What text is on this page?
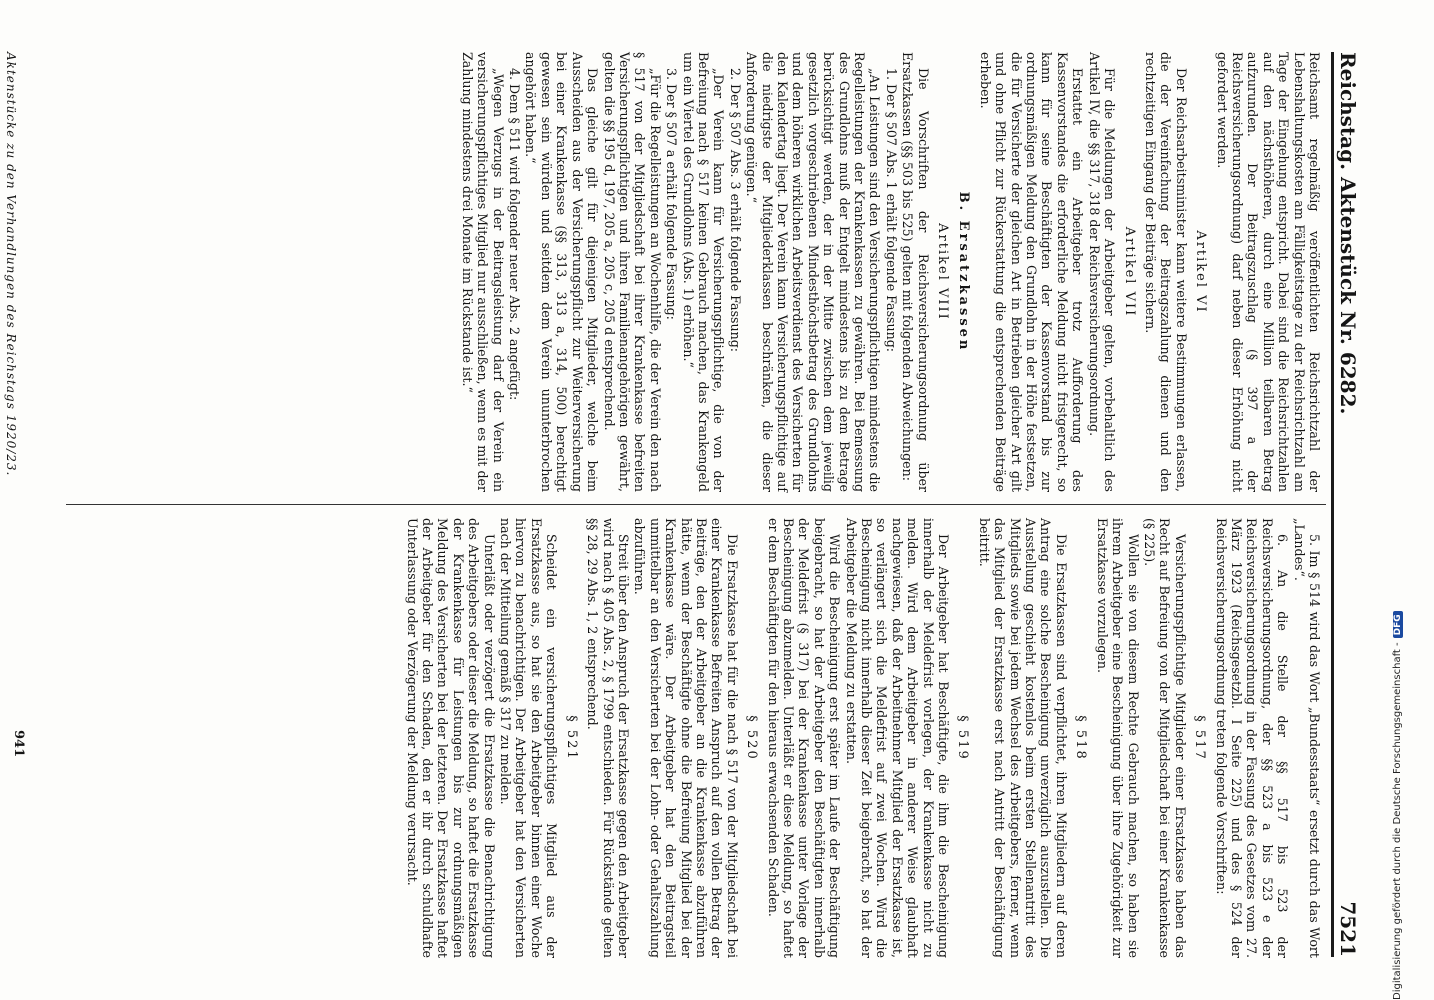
Reichstag. Aktenstück Nr. 6282.
7521

Reichsamt regelmäßig veröffentlichten Reichsrichtzahl der Lebenshaltungskosten am Fälligkeitstage zu der Reichsrichtzahl am Tage der Eingehung entspricht. Dabei sind die Reichsrichtzahlen auf den nächsthöheren, durch eine Million teilbaren Betrag aufzurunden. Der Beitragszuschlag (§ 397 a der Reichsversicherungsordnung) darf neben dieser Erhöhung nicht gefordert werden.

Artikel VI

Der Reichsarbeitsminister kann weitere Bestimmungen erlassen, die der Vereinfachung der Beitragszahlung dienen und den rechtzeitigen Eingang der Beiträge sichern.

Artikel VII

Für die Meldungen der Arbeitgeber gelten, vorbehaltlich des Artikel IV, die §§ 317, 318 der Reichsversicherungsordnung.

Erstattet ein Arbeitgeber trotz Aufforderung des Kassenvorstandes die erforderliche Meldung nicht fristgerecht, so kann für seine Beschäftigten der Kassenvorstand bis zur ordnungsmäßigen Meldung den Grundlohn in der Höhe festsetzen, die für Versicherte der gleichen Art in Betrieben gleicher Art gilt und ohne Pflicht zur Rückerstattung die entsprechenden Beiträge erheben.

B. Ersatzkassen

Artikel VIII

Die Vorschriften der Reichsversicherungsordnung über Ersatzkassen (§§ 503 bis 525) gelten mit folgenden Abweichungen:

1. Der § 507 Abs. 1 erhält folgende Fassung:

„An Leistungen sind den Versicherungspflichtigen mindestens die Regelleistungen der Krankenkassen zu gewähren. Bei Bemessung des Grundlohns muß der Entgelt mindestens bis zu dem Betrage berücksichtigt werden, der in der Mitte zwischen dem jeweilig gesetzlich vorgeschriebenen Mindesthöchstbetrag des Grundlohns und dem höheren wirklichen Arbeitsverdienst des Versicherten für den Kalendertag liegt. Der Verein kann Versicherungspflichtige auf die niedrigste der Mitgliederklassen beschränken, die dieser Anforderung genügen.“

2. Der § 507 Abs. 3 erhält folgende Fassung:

„Der Verein kann für Versicherungspflichtige, die von der Befreiung nach § 517 keinen Gebrauch machen, das Krankengeld um ein Viertel des Grundlohns (Abs. 1) erhöhen.“

3. Der § 507 a erhält folgende Fassung:

„Für die Regelleistungen an Wochenhilfe, die der Verein den nach § 517 von der Mitgliedschaft bei ihrer Krankenkasse befreiten Versicherungspflichtigen und ihren Familienangehörigen gewährt, gelten die §§ 195 d, 197, 205 a, 205 c, 205 d entsprechend.

Das gleiche gilt für diejenigen Mitglieder, welche beim Ausscheiden aus der Versicherungspflicht zur Weiterversicherung bei einer Krankenkasse (§§ 313, 313 a, 314, 500) berechtigt gewesen sein würden und seitdem dem Verein ununterbrochen angehört haben.“

4. Dem § 511 wird folgender neuer Abs. 2 angefügt:

„Wegen Verzugs in der Beitragsleistung darf der Verein ein versicherungspflichtiges Mitglied nur ausschließen, wenn es mit der Zahlung mindestens drei Monate im Rückstande ist.“

5. Im § 514 wird das Wort „Bundesstaats“ ersetzt durch das Wort „Landes“.

6. An die Stelle der §§ 517 bis 523 der Reichsversicherungsordnung, der §§ 523 a bis 523 e der Reichsversicherungsordnung in der Fassung des Gesetzes vom 27. März 1923 (Reichsgesetzbl. I Seite 225) und des § 524 der Reichsversicherungsordnung treten folgende Vorschriften:

§ 517

Versicherungspflichtige Mitglieder einer Ersatzkasse haben das Recht auf Befreiung von der Mitgliedschaft bei einer Krankenkasse (§ 225).

Wollen sie von diesem Rechte Gebrauch machen, so haben sie ihrem Arbeitgeber eine Bescheinigung über ihre Zugehörigkeit zur Ersatzkasse vorzulegen.

§ 518

Die Ersatzkassen sind verpflichtet, ihren Mitgliedern auf deren Antrag eine solche Bescheinigung unverzüglich auszustellen. Die Ausstellung geschieht kostenlos beim ersten Stellenantritt des Mitglieds sowie bei jedem Wechsel des Arbeitgebers, ferner, wenn das Mitglied der Ersatzkasse erst nach Antritt der Beschäftigung beitritt.

§ 519

Der Arbeitgeber hat Beschäftigte, die ihm die Bescheinigung innerhalb der Meldefrist vorlegen, der Krankenkasse nicht zu melden. Wird dem Arbeitgeber in anderer Weise glaubhaft nachgewiesen, daß der Arbeitnehmer Mitglied der Ersatzkasse ist, so verlängert sich die Meldefrist auf zwei Wochen. Wird die Bescheinigung nicht innerhalb dieser Zeit beigebracht, so hat der Arbeitgeber die Meldung zu erstatten.

Wird die Bescheinigung erst später im Laufe der Beschäftigung beigebracht, so hat der Arbeitgeber den Beschäftigten innerhalb der Meldefrist (§ 317) bei der Krankenkasse unter Vorlage der Bescheinigung abzumelden. Unterläßt er diese Meldung, so haftet er dem Beschäftigten für den hieraus erwachsenden Schaden.

§ 520

Die Ersatzkasse hat für die nach § 517 von der Mitgliedschaft bei einer Krankenkasse Befreiten Anspruch auf den vollen Betrag der Beiträge, den der Arbeitgeber an die Krankenkasse abzuführen hätte, wenn der Beschäftigte ohne die Befreiung Mitglied bei der Krankenkasse wäre. Der Arbeitgeber hat den Beitragsteil unmittelbar an den Versicherten bei der Lohn- oder Gehaltszahlung abzuführen.

Streit über den Anspruch der Ersatzkasse gegen den Arbeitgeber wird nach § 405 Abs. 2, § 1799 entschieden. Für Rückstände gelten §§ 28, 29 Abs. 1, 2 entsprechend.

§ 521

Scheidet ein versicherungspflichtiges Mitglied aus der Ersatzkasse aus, so hat sie den Arbeitgeber binnen einer Woche hiervon zu benachrichtigen. Der Arbeitgeber hat den Versicherten nach der Mitteilung gemäß § 317 zu melden.

Unterläßt oder verzögert die Ersatzkasse die Benachrichtigung des Arbeitgebers oder dieser die Meldung, so haftet die Ersatzkasse der Krankenkasse für Leistungen bis zur ordnungsmäßigen Meldung des Versicherten bei der letzteren. Der Ersatzkasse haftet der Arbeitgeber für den Schaden, den er ihr durch schuldhafte Unterlassung oder Verzögerung der Meldung verursacht.

Aktenstücke zu den Verhandlungen des Reichstags 1920/23.
941	Digitalisierung gefördert durch die Deutsche Forschungsgemeinschaft -DFG
